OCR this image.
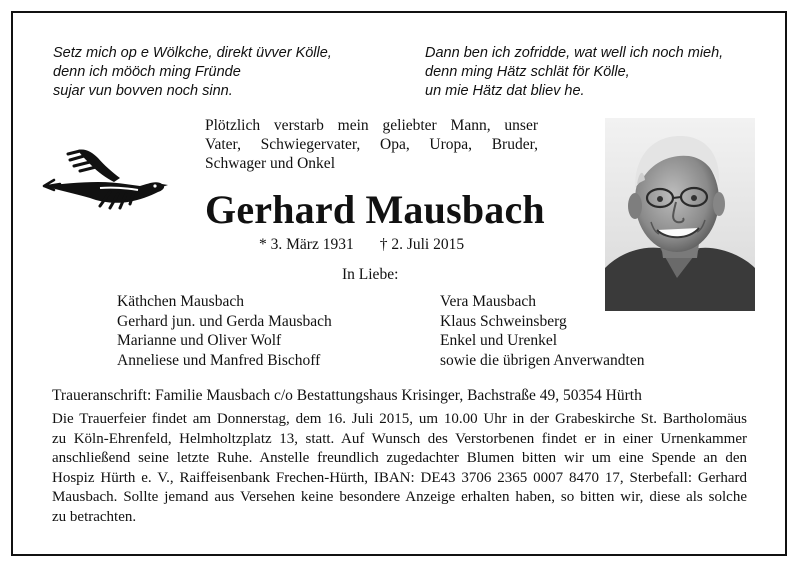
Setz mich op e Wölkche, direkt üvver Kölle,
denn ich mööch ming Fründe
sujar vun bovven noch sinn.
Dann ben ich zofridde, wat well ich noch mieh,
denn ming Hätz schlät för Kölle,
un mie Hätz dat bliev he.
Plötzlich verstarb mein geliebter Mann, unser
Vater, Schwiegervater, Opa, Uropa, Bruder,
Schwager und Onkel
Gerhard Mausbach
* 3. März 1931 † 2. Juli 2015
In Liebe:
Käthchen Mausbach
Gerhard jun. und Gerda Mausbach
Marianne und Oliver Wolf
Anneliese und Manfred Bischoff
Vera Mausbach
Klaus Schweinsberg
Enkel und Urenkel
sowie die übrigen Anverwandten
Traueranschrift: Familie Mausbach c/o Bestattungshaus Krisinger, Bachstraße 49, 50354 Hürth
Die Trauerfeier findet am Donnerstag, dem 16. Juli 2015, um 10.00 Uhr in der Grabeskirche St. Bartholomäus
zu Köln-Ehrenfeld, Helmholtzplatz 13, statt. Auf Wunsch des Verstorbenen findet er in einer Urnenkammer
anschließend seine letzte Ruhe. Anstelle freundlich zugedachter Blumen bitten wir um eine Spende an den
Hospiz Hürth e. V., Raiffeisenbank Frechen-Hürth, IBAN: DE43 3706 2365 0007 8470 17, Sterbefall: Gerhard
Mausbach. Sollte jemand aus Versehen keine besondere Anzeige erhalten haben, so bitten wir, diese als solche
zu betrachten.
